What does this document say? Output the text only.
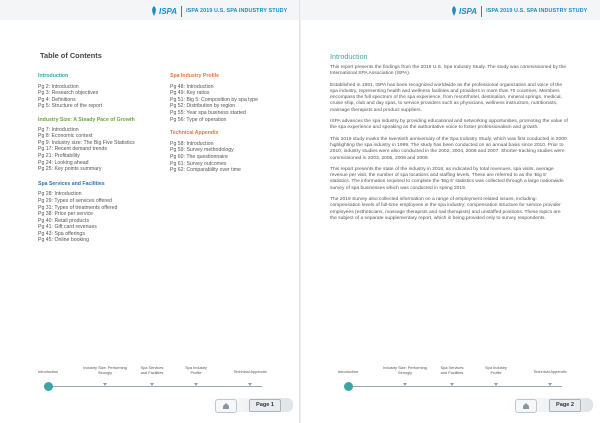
ISPA ISPA 2019 U.S. SPA INDUSTRY STUDY
Table of Contents
Introduction
Pg 2: Introduction
Pg 3: Research objectives
Pg 4: Definitions
Pg 5: Structure of the report
Industry Size: A Steady Pace of Growth
Pg 7: Introduction
Pg 8: Economic context
Pg 9: Industry size: The Big Five Statistics
Pg 17: Recent demand trends
Pg 21: Profitability
Pg 24: Looking ahead
Pg 25: Key points summary
Spa Services and Facilities
Pg 28: Introduction
Pg 29: Types of services offered
Pg 31: Types of treatments offered
Pg 38: Price per service
Pg 40: Retail products
Pg 41: Gift card revenues
Pg 43: Spa offerings
Pg 45: Online booking
Spa Industry Profile
Pg 48: Introduction
Pg 49: Key ratios
Pg 51: Big 5: Composition by spa type
Pg 52: Distribution by region
Pg 55: Year spa business started
Pg 56: Type of operation
Technical Appendix
Pg 58: Introduction
Pg 59: Survey methodology
Pg 60: The questionnaire
Pg 61: Survey outcomes
Pg 62: Comparability over time
Introduction
Industry Size: Performing Strongly
Spa Services and Facilities
Spa Industry Profile	Technical Appendix
Page 1
ISPA ISPA 2019 U.S. SPA INDUSTRY STUDY
Introduction

This report presents the findings from the 2019 U.S. Spa Industry Study. The study was commissioned by the International SPA Association (ISPA).

Established in 1991, ISPA has been recognized worldwide as the professional organization and voice of the spa industry, representing health and wellness facilities and providers in more than 70 countries. Members encompass the full spectrum of the spa experience, from resort/hotel, destination, mineral springs, medical, cruise ship, club and day spas, to service providers such as physicians, wellness instructors, nutritionists, massage therapists and product suppliers.

ISPA advances the spa industry by providing educational and networking opportunities, promoting the value of the spa experience and speaking as the authoritative voice to foster professionalism and growth.

This 2019 study marks the twentieth anniversary of the Spa Industry Study, which was first conducted in 2000 highlighting the spa industry in 1999. The study has been conducted on an annual basis since 2010. Prior to 2010, industry studies were also conducted in the 2002, 2004, 2006 and 2007. Shorter-tracking studies were commissioned in 2003, 2005, 2008 and 2009.

This report presents the state of the industry in 2018, as indicated by total revenues, spa visits, average revenue per visit, the number of spa locations and staffing levels. These are referred to as the 'Big 5' statistics. The information required to complete the 'Big 5' statistics was collected through a large nationwide survey of spa businesses which was conducted in spring 2019.

The 2019 Survey also collected information on a range of employment related issues, including: compensation levels of full-time employees in the spa industry; compensation structure for service provider employees (estheticians, massage therapists and nail therapists) and unstaffed positions. These topics are the subject of a separate supplementary report, which is being provided only to survey respondents.

Introduction
Industry Size: Performing Strongly
Spa Services and Facilities
Spa Industry Profile	Technical Appendix
Page 2
